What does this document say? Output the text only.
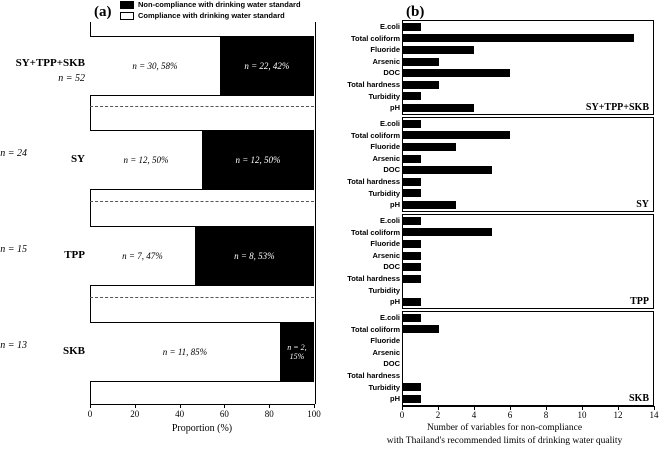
Non-compliance with drinking water standard
Compliance with drinking water standard
(a)
n = 30, 58%	n = 22, 42%
SY+TPP+SKB
n = 52
n = 12, 50%	n = 12, 50%
SY
n = 24
n = 7, 47%	n = 8, 53%
TPP
n = 15
n = 11, 85%	n = 2, 15%
SKB
n = 13
0	20	40	60	80	100
Proportion (%)
(b)
E.coli
Total coliform
Fluoride
Arsenic
DOC
Total hardness
Turbidity
pH	SY+TPP+SKB
E.coli
Total coliform
Fluoride
Arsenic
DOC
Total hardness
Turbidity
pH	SY
E.coli
Total coliform
Fluoride
Arsenic
DOC
Total hardness
Turbidity
pH	TPP
E.coli
Total coliform
Fluoride
Arsenic
DOC
Total hardness
Turbidity
pH	SKB
0	2	4	6	8	10	12	14
Number of variables for non-compliance
with Thailand's recommended limits of drinking water quality
